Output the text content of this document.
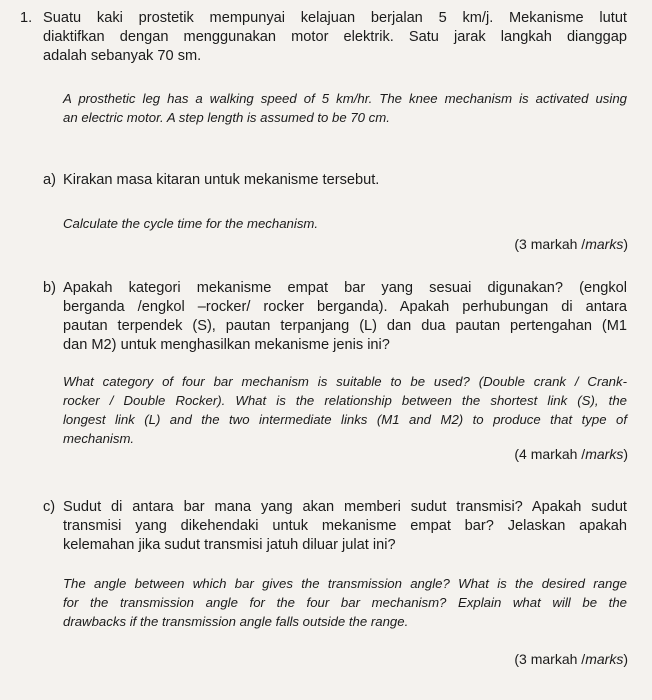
1. Suatu kaki prostetik mempunyai kelajuan berjalan 5 km/j. Mekanisme lutut
diaktifkan dengan menggunakan motor elektrik. Satu jarak langkah dianggap
adalah sebanyak 70 sm.
A prosthetic leg has a walking speed of 5 km/hr. The knee mechanism is activated using
an electric motor. A step length is assumed to be 70 cm.
a) Kirakan masa kitaran untuk mekanisme tersebut.
Calculate the cycle time for the mechanism.
(3 markah /marks)
b) Apakah kategori mekanisme empat bar yang sesuai digunakan? (engkol
berganda /engkol –rocker/ rocker berganda). Apakah perhubungan di antara
pautan terpendek (S), pautan terpanjang (L) dan dua pautan pertengahan (M1
dan M2) untuk menghasilkan mekanisme jenis ini?
What category of four bar mechanism is suitable to be used? (Double crank / Crank-
rocker / Double Rocker). What is the relationship between the shortest link (S), the
longest link (L) and the two intermediate links (M1 and M2) to produce that type of
mechanism.
(4 markah /marks)
c) Sudut di antara bar mana yang akan memberi sudut transmisi? Apakah sudut
transmisi yang dikehendaki untuk mekanisme empat bar? Jelaskan apakah
kelemahan jika sudut transmisi jatuh diluar julat ini?
The angle between which bar gives the transmission angle? What is the desired range
for the transmission angle for the four bar mechanism? Explain what will be the
drawbacks if the transmission angle falls outside the range.
(3 markah /marks)
